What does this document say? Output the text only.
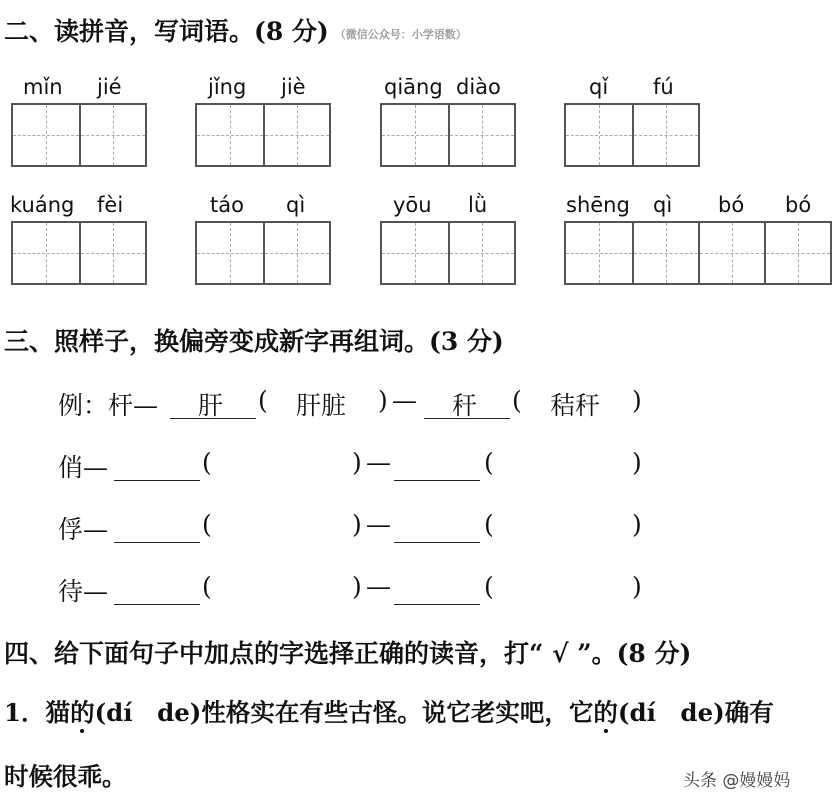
二、读拼音，写词语。(8 分) （微信公众号：小学语数）
mǐn jié	jǐng jiè	qiāng diào	qǐ fú
kuáng fèi	táo qì	yōu lǜ	shēng qì bó bó
三、照样子，换偏旁变成新字再组词。(3 分)
例：杆— 肝 ( 肝脏 ) — 秆 ( 秸秆 )
俏—	(	) —	(	)
俘—	(	) —	(	)
待—	(	) —	(	)
四、给下面句子中加点的字选择正确的读音，打“ √ ”。(8 分)
1．猫的(dí　de)性格实在有些古怪。说它老实吧，它的(dí　de)确有
时候很乖。	头条 @嫚嫚妈
